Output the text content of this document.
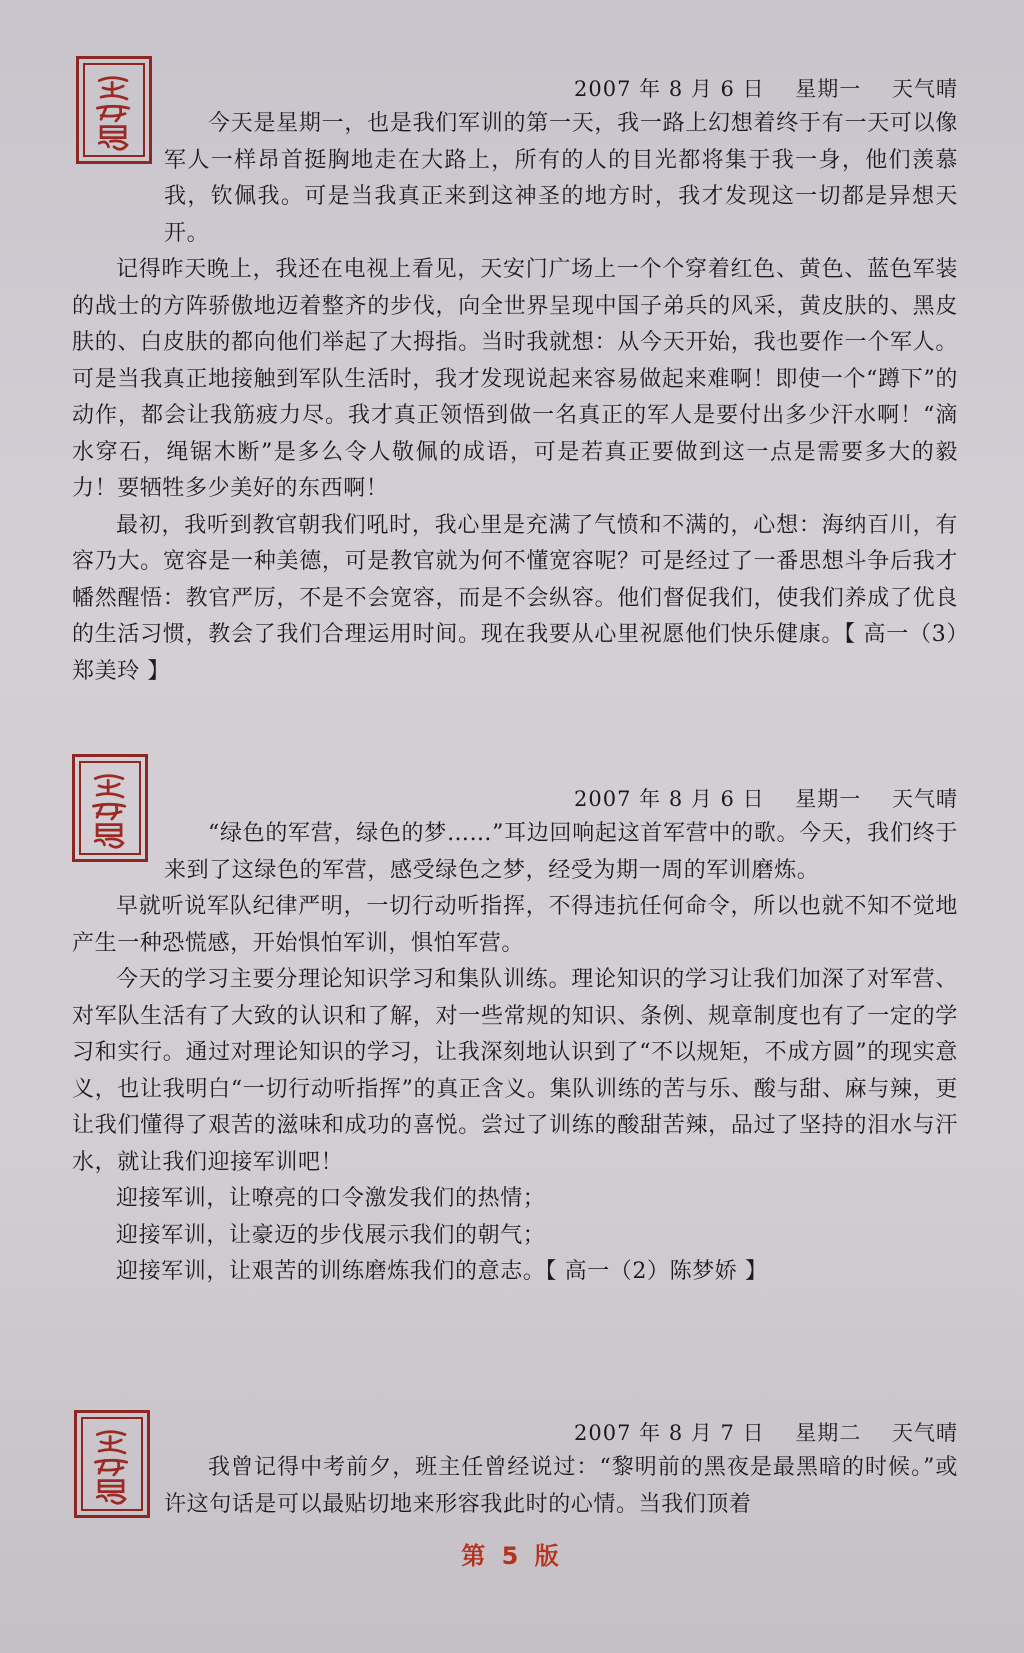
2007 年 8 月 6 日    星期一    天气晴

今天是星期一，也是我们军训的第一天，我一路上幻想着终于有一天可以像军人一样昂首挺胸地走在大路上，所有的人的目光都将集于我一身，他们羡慕我，钦佩我。可是当我真正来到这神圣的地方时，我才发现这一切都是异想天开。

记得昨天晚上，我还在电视上看见，天安门广场上一个个穿着红色、黄色、蓝色军装的战士的方阵骄傲地迈着整齐的步伐，向全世界呈现中国子弟兵的风采，黄皮肤的、黑皮肤的、白皮肤的都向他们举起了大拇指。当时我就想：从今天开始，我也要作一个军人。可是当我真正地接触到军队生活时，我才发现说起来容易做起来难啊！即使一个“蹲下”的动作，都会让我筋疲力尽。我才真正领悟到做一名真正的军人是要付出多少汗水啊！“滴水穿石，绳锯木断”是多么令人敬佩的成语，可是若真正要做到这一点是需要多大的毅力！要牺牲多少美好的东西啊！

最初，我听到教官朝我们吼时，我心里是充满了气愤和不满的，心想：海纳百川，有容乃大。宽容是一种美德，可是教官就为何不懂宽容呢？可是经过了一番思想斗争后我才幡然醒悟：教官严厉，不是不会宽容，而是不会纵容。他们督促我们，使我们养成了优良的生活习惯，教会了我们合理运用时间。现在我要从心里祝愿他们快乐健康。【 高一（3）郑美玲 】

2007 年 8 月 6 日    星期一    天气晴

“绿色的军营，绿色的梦……”耳边回响起这首军营中的歌。今天，我们终于来到了这绿色的军营，感受绿色之梦，经受为期一周的军训磨炼。

早就听说军队纪律严明，一切行动听指挥，不得违抗任何命令，所以也就不知不觉地产生一种恐慌感，开始惧怕军训，惧怕军营。

今天的学习主要分理论知识学习和集队训练。理论知识的学习让我们加深了对军营、对军队生活有了大致的认识和了解，对一些常规的知识、条例、规章制度也有了一定的学习和实行。通过对理论知识的学习，让我深刻地认识到了“不以规矩，不成方圆”的现实意义，也让我明白“一切行动听指挥”的真正含义。集队训练的苦与乐、酸与甜、麻与辣，更让我们懂得了艰苦的滋味和成功的喜悦。尝过了训练的酸甜苦辣，品过了坚持的泪水与汗水，就让我们迎接军训吧！

迎接军训，让嘹亮的口令激发我们的热情；

迎接军训，让豪迈的步伐展示我们的朝气；

迎接军训，让艰苦的训练磨炼我们的意志。【 高一（2）陈梦娇 】

2007 年 8 月 7 日    星期二    天气晴

我曾记得中考前夕，班主任曾经说过：“黎明前的黑夜是最黑暗的时候。”或许这句话是可以最贴切地来形容我此时的心情。当我们顶着

第 5 版
